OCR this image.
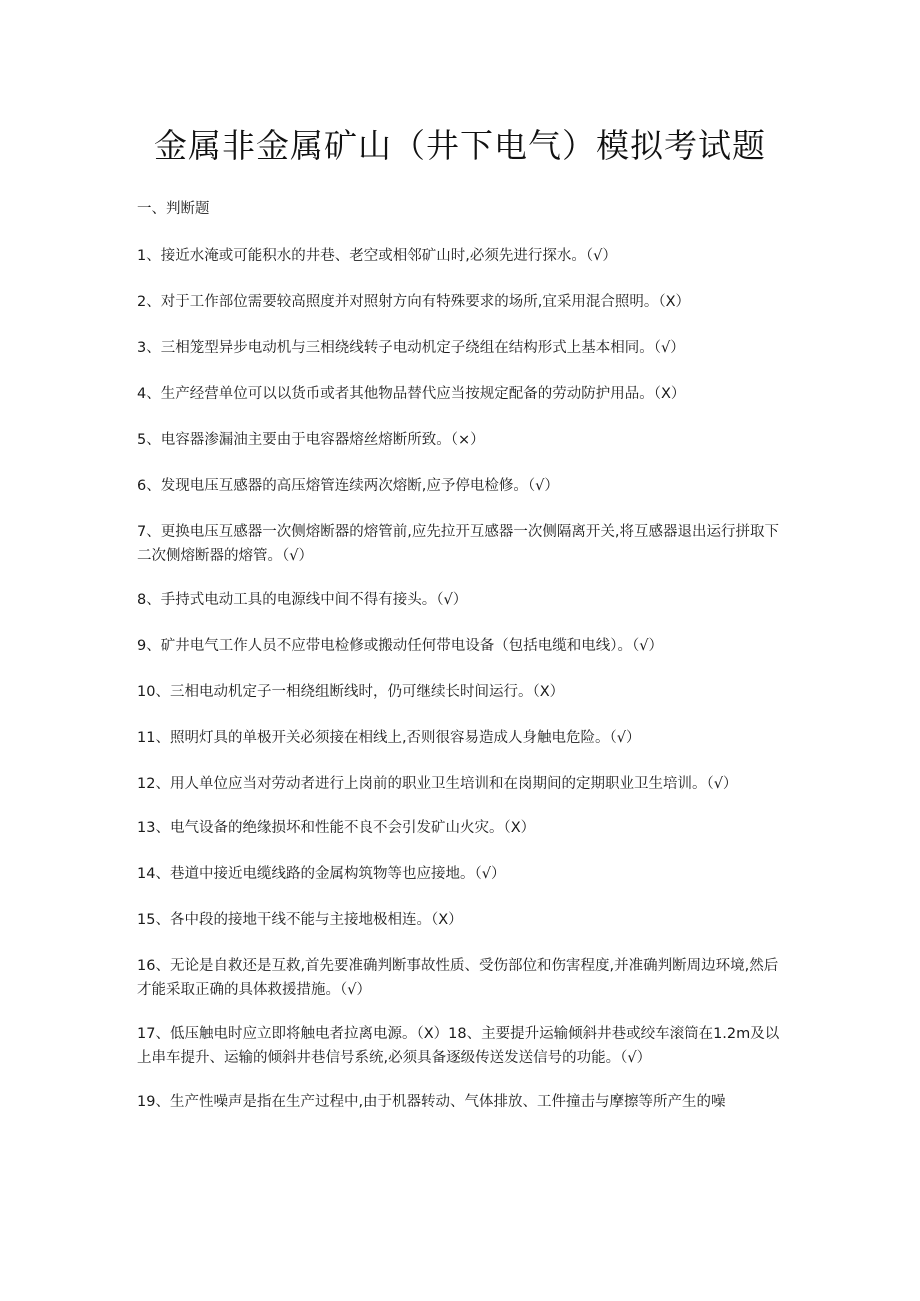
金属非金属矿山（井下电气）模拟考试题
一、判断题
1、接近水淹或可能积水的井巷、老空或相邻矿山时,必须先进行探水。（√）
2、对于工作部位需要较高照度并对照射方向有特殊要求的场所,宜采用混合照明。（X）
3、三相笼型异步电动机与三相绕线转子电动机定子绕组在结构形式上基本相同。（√）
4、生产经营单位可以以货币或者其他物品替代应当按规定配备的劳动防护用品。（X）
5、电容器渗漏油主要由于电容器熔丝熔断所致。（×）
6、发现电压互感器的高压熔管连续两次熔断,应予停电检修。（√）
7、更换电压互感器一次侧熔断器的熔管前,应先拉开互感器一次侧隔离开关,将互感器退出运行拼取下二次侧熔断器的熔管。（√）
8、手持式电动工具的电源线中间不得有接头。（√）
9、矿井电气工作人员不应带电检修或搬动任何带电设备（包括电缆和电线）。（√）
10、三相电动机定子一相绕组断线时，仍可继续长时间运行。（X）
11、照明灯具的单极开关必须接在相线上,否则很容易造成人身触电危险。（√）
12、用人单位应当对劳动者进行上岗前的职业卫生培训和在岗期间的定期职业卫生培训。（√）
13、电气设备的绝缘损坏和性能不良不会引发矿山火灾。（X）
14、巷道中接近电缆线路的金属构筑物等也应接地。（√）
15、各中段的接地干线不能与主接地极相连。（X）
16、无论是自救还是互救,首先要准确判断事故性质、受伤部位和伤害程度,并准确判断周边环境,然后才能采取正确的具体救援措施。（√）
17、低压触电时应立即将触电者拉离电源。（X）18、主要提升运输倾斜井巷或绞车滚筒在1.2m及以上串车提升、运输的倾斜井巷信号系统,必须具备逐级传送发送信号的功能。（√）
19、生产性噪声是指在生产过程中,由于机器转动、气体排放、工件撞击与摩擦等所产生的噪
